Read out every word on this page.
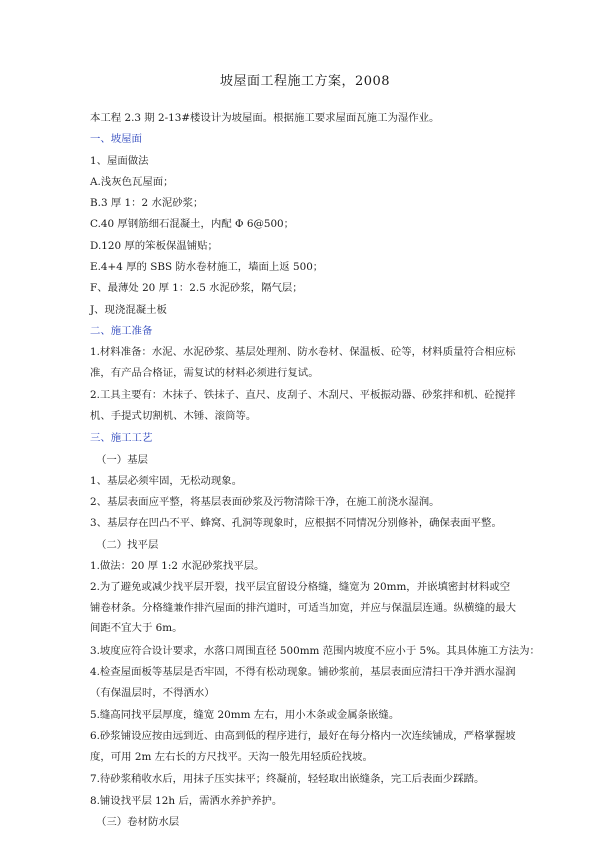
坡屋面工程施工方案，2008

本工程 2.3 期 2-13#楼设计为坡屋面。根据施工要求屋面瓦施工为湿作业。

一、坡屋面

1、屋面做法

A.浅灰色瓦屋面；

B.3 厚 1：2 水泥砂浆；

C.40 厚钢筋细石混凝土，内配 Φ 6@500；

D.120 厚的笨板保温铺贴；

E.4+4 厚的 SBS 防水卷材施工，墙面上返 500；

F、最薄处 20 厚 1：2.5 水泥砂浆，隔气层；

J、现浇混凝土板

二、施工准备

1.材料准备：水泥、水泥砂浆、基层处理剂、防水卷材、保温板、砼等，材料质量符合相应标准，有产品合格证，需复试的材料必须进行复试。

2.工具主要有：木抹子、铁抹子、直尺、皮刮子、木刮尺、平板振动器、砂浆拌和机、砼搅拌机、手提式切割机、木锤、滚筒等。

三、施工工艺

（一）基层

1、基层必须牢固，无松动现象。

2、基层表面应平整，将基层表面砂浆及污物清除干净，在施工前浇水湿润。

3、基层存在凹凸不平、蜂窝、孔洞等现象时，应根据不同情况分别修补，确保表面平整。

（二）找平层

1.做法：20 厚 1:2 水泥砂浆找平层。

2.为了避免或减少找平层开裂，找平层宜留设分格缝，缝宽为 20mm，并嵌填密封材料或空铺卷材条。分格缝兼作排汽屋面的排汽道时，可适当加宽，并应与保温层连通。纵横缝的最大间距不宜大于 6m。

3.坡度应符合设计要求，水落口周围直径 500mm 范围内坡度不应小于 5%。其具体施工方法为：

4.检查屋面板等基层是否牢固，不得有松动现象。铺砂浆前，基层表面应清扫干净并洒水湿润（有保温层时，不得洒水）

5.缝高同找平层厚度，缝宽 20mm 左右，用小木条或金属条嵌缝。

6.砂浆铺设应按由远到近、由高到低的程序进行，最好在每分格内一次连续铺成，严格掌握坡度，可用 2m 左右长的方尺找平。天沟一般先用轻质砼找坡。

7.待砂浆稍收水后，用抹子压实抹平；终凝前，轻轻取出嵌缝条，完工后表面少踩踏。

8.铺设找平层 12h 后，需洒水养护养护。

（三）卷材防水层
